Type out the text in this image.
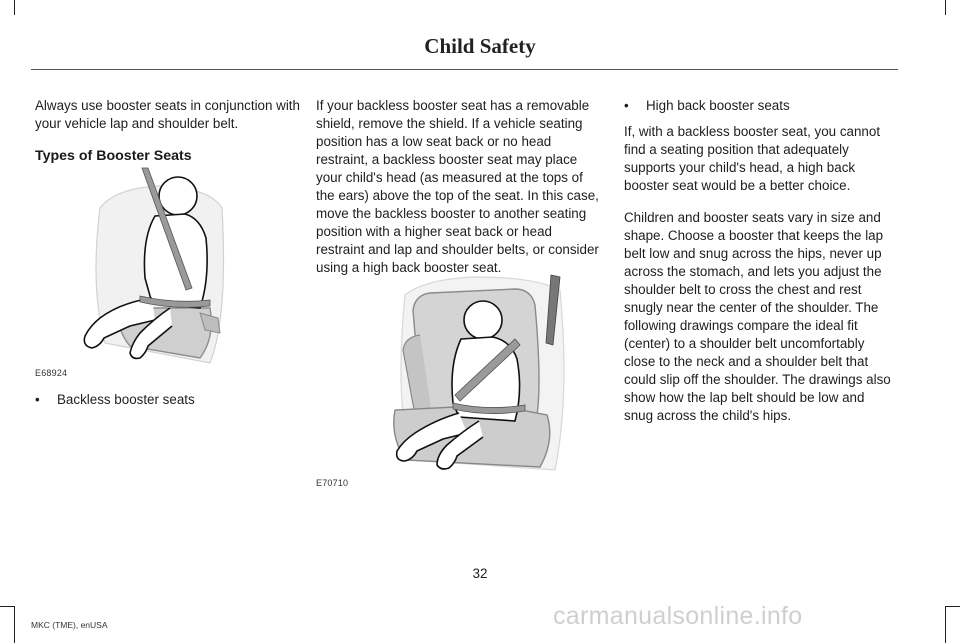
Child Safety

Always use booster seats in conjunction with your vehicle lap and shoulder belt.

Types of Booster Seats
E68924
•	Backless booster seats

If your backless booster seat has a removable shield, remove the shield. If a vehicle seating position has a low seat back or no head restraint, a backless booster seat may place your child's head (as measured at the tops of the ears) above the top of the seat. In this case, move the backless booster to another seating position with a higher seat back or head restraint and lap and shoulder belts, or consider using a high back booster seat.

E70710
•	High back booster seats

If, with a backless booster seat, you cannot find a seating position that adequately supports your child's head, a high back booster seat would be a better choice.

Children and booster seats vary in size and shape. Choose a booster that keeps the lap belt low and snug across the hips, never up across the stomach, and lets you adjust the shoulder belt to cross the chest and rest snugly near the center of the shoulder. The following drawings compare the ideal fit (center) to a shoulder belt uncomfortably close to the neck and a shoulder belt that could slip off the shoulder. The drawings also show how the lap belt should be low and snug across the child's hips.

32
MKC (TME), enUSA	carmanualsonline.info
